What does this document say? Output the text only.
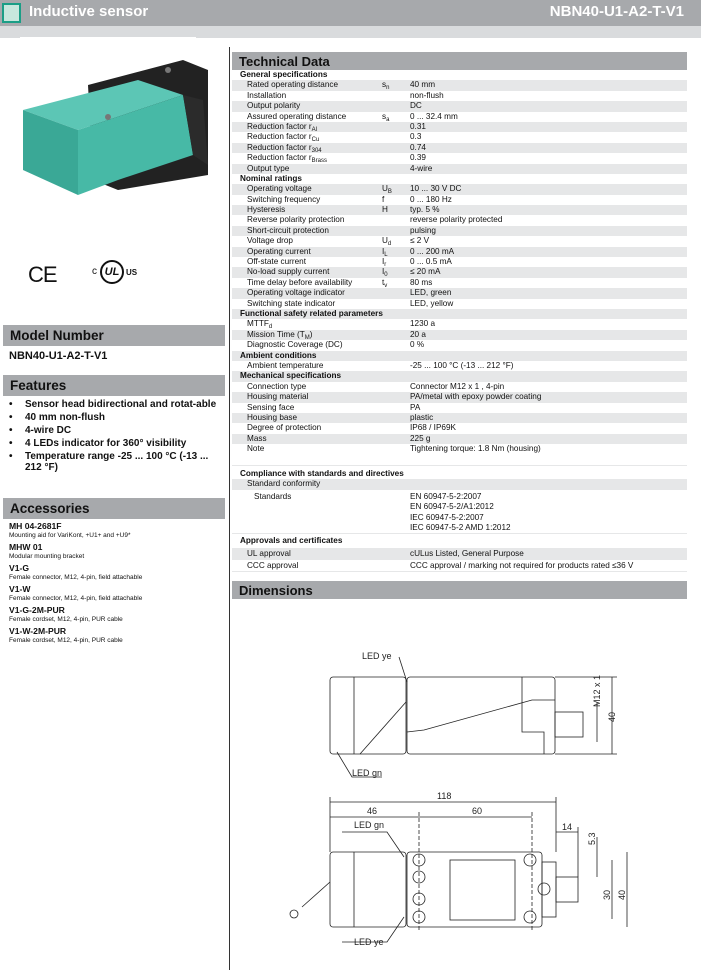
Inductive sensor	NBN40-U1-A2-T-V1
CE	c UL US
Model Number
NBN40-U1-A2-T-V1
Features
• Sensor head bidirectional and rotat-able
• 40 mm non-flush
• 4-wire DC
• 4 LEDs indicator for 360° visibility
• Temperature range -25 ... 100 °C (-13 ... 212 °F)
Accessories
MH 04-2681F
Mounting aid for VariKont, +U1+ and +U9*
MHW 01
Modular mounting bracket
V1-G
Female connector, M12, 4-pin, field attachable
V1-W
Female connector, M12, 4-pin, field attachable
V1-G-2M-PUR
Female cordset, M12, 4-pin, PUR cable
V1-W-2M-PUR
Female cordset, M12, 4-pin, PUR cable
Technical Data
General specifications
Rated operating distance	$s_n$	40 mm
Installation	non-flush
Output polarity	DC
Assured operating distance	$s_a$	0 ... 32.4 mm
Reduction factor $r_{Al}$	0.31
Reduction factor $r_{Cu}$	0.3
Reduction factor $r_{304}$	0.74
Reduction factor $r_{Brass}$	0.39
Output type	4-wire
Nominal ratings
Operating voltage	$U_B$	10 ... 30 V DC
Switching frequency	f	0 ... 180 Hz
Hysteresis	H	typ. 5 %
Reverse polarity protection	reverse polarity protected
Short-circuit protection	pulsing
Voltage drop	$U_d$	≤ 2 V
Operating current	$I_L$	0 ... 200 mA
Off-state current	$I_r$	0 ... 0.5 mA
No-load supply current	$I_0$	≤ 20 mA
Time delay before availability	$t_v$	80 ms
Operating voltage indicator	LED, green
Switching state indicator	LED, yellow
Functional safety related parameters
$MTTF_d$	1230 a
Mission Time $(T_M)$	20 a
Diagnostic Coverage (DC)	0 %
Ambient conditions
Ambient temperature	-25 ... 100 °C (-13 ... 212 °F)
Mechanical specifications
Connection type	Connector M12 x 1 , 4-pin
Housing material	PA/metal with epoxy powder coating
Sensing face	PA
Housing base	plastic
Degree of protection	IP68 / IP69K
Mass	225 g
Note	Tightening torque: 1.8 Nm (housing)
Compliance with standards and directives
Standard conformity
Standards	EN 60947-5-2:2007
EN 60947-5-2/A1:2012
IEC 60947-5-2:2007
IEC 60947-5-2 AMD 1:2012
Approvals and certificates
UL approval	cULus Listed, General Purpose
CCC approval	CCC approval / marking not required for products rated ≤36 V
Dimensions
LED ye
LED gn
M12 x 1
40
118
46	60
14
5.3
30 40
LED gn
LED ye
